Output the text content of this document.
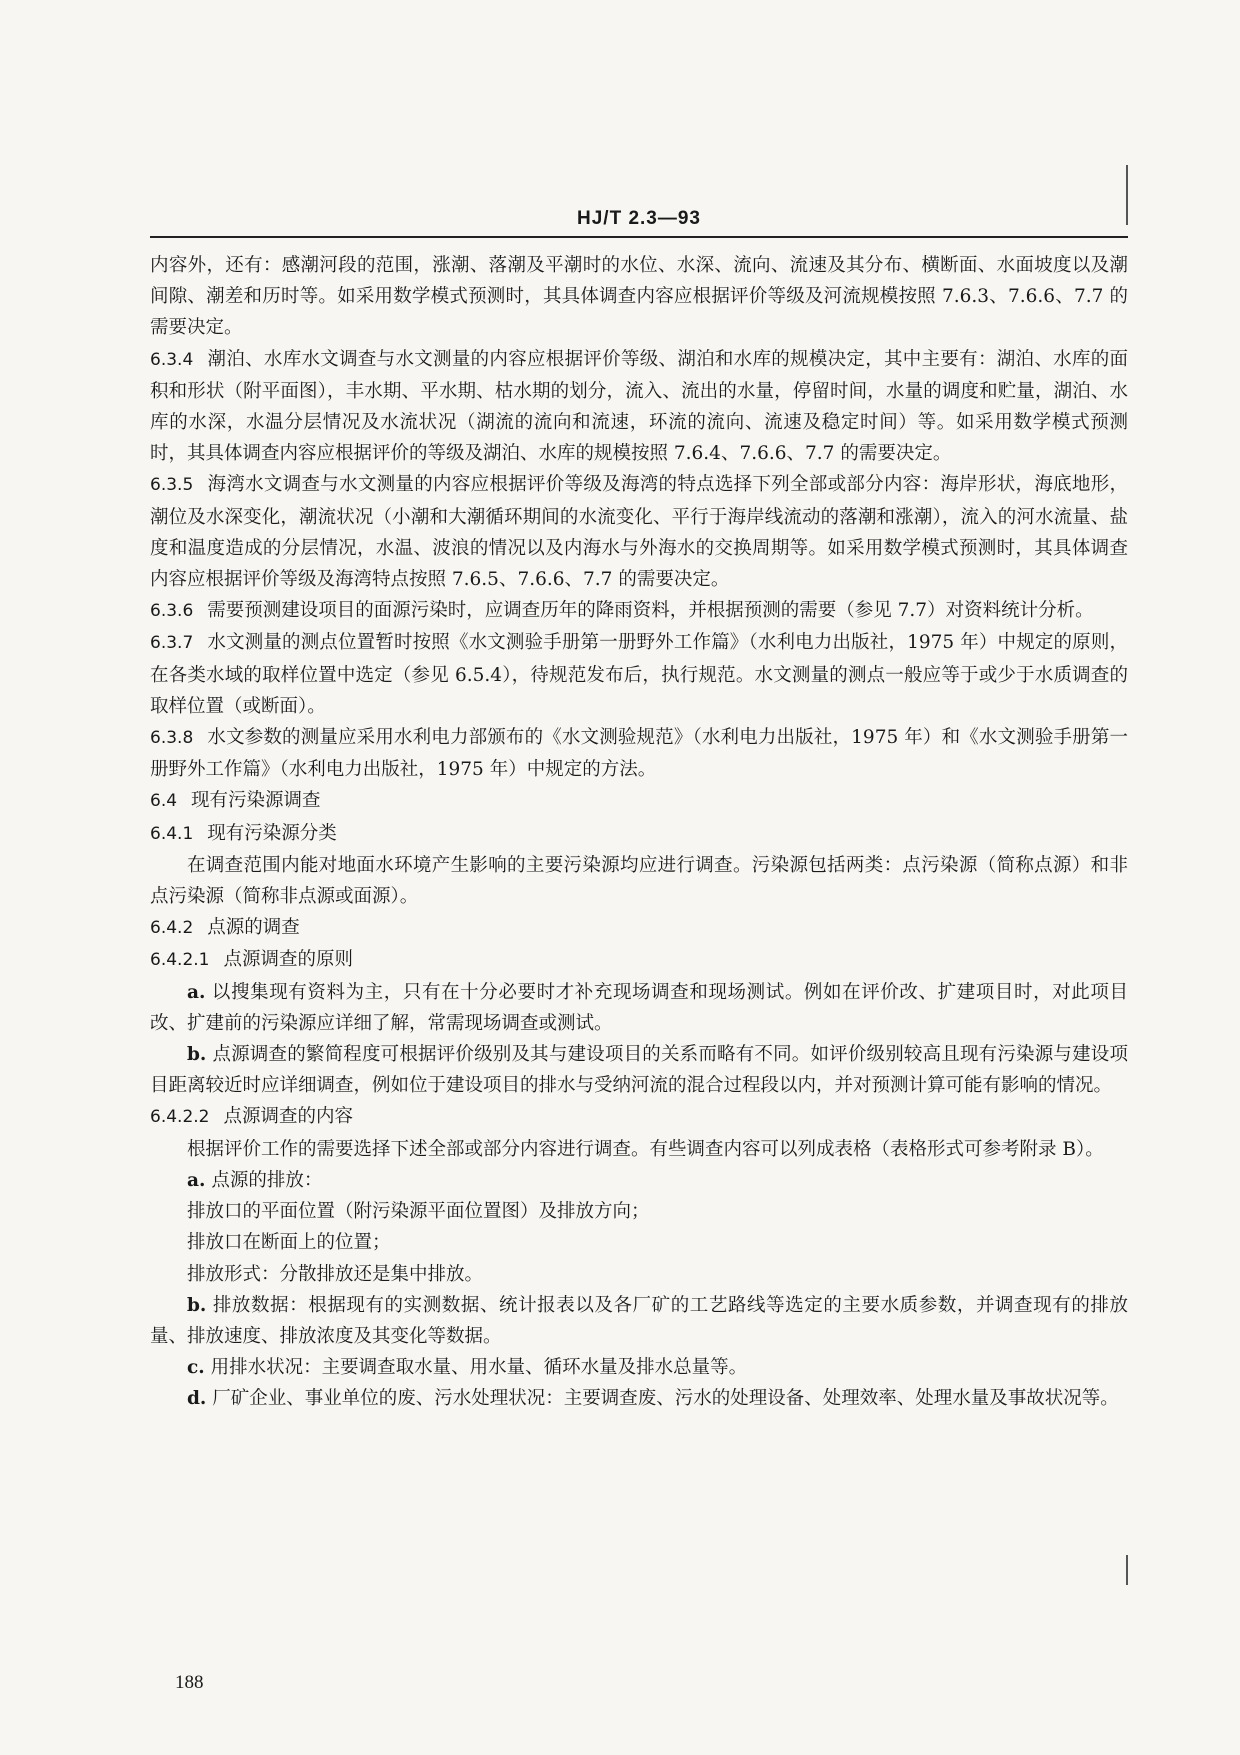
HJ/T 2.3—93

内容外，还有：感潮河段的范围，涨潮、落潮及平潮时的水位、水深、流向、流速及其分布、横断面、水面坡度以及潮间隙、潮差和历时等。如采用数学模式预测时，其具体调查内容应根据评价等级及河流规模按照 7.6.3、7.6.6、7.7 的需要决定。

6.3.4 潮泊、水库水文调查与水文测量的内容应根据评价等级、湖泊和水库的规模决定，其中主要有：湖泊、水库的面积和形状（附平面图），丰水期、平水期、枯水期的划分，流入、流出的水量，停留时间，水量的调度和贮量，湖泊、水库的水深，水温分层情况及水流状况（湖流的流向和流速，环流的流向、流速及稳定时间）等。如采用数学模式预测时，其具体调查内容应根据评价的等级及湖泊、水库的规模按照 7.6.4、7.6.6、7.7 的需要决定。

6.3.5 海湾水文调查与水文测量的内容应根据评价等级及海湾的特点选择下列全部或部分内容：海岸形状，海底地形，潮位及水深变化，潮流状况（小潮和大潮循环期间的水流变化、平行于海岸线流动的落潮和涨潮），流入的河水流量、盐度和温度造成的分层情况，水温、波浪的情况以及内海水与外海水的交换周期等。如采用数学模式预测时，其具体调查内容应根据评价等级及海湾特点按照 7.6.5、7.6.6、7.7 的需要决定。

6.3.6 需要预测建设项目的面源污染时，应调查历年的降雨资料，并根据预测的需要（参见 7.7）对资料统计分析。

6.3.7 水文测量的测点位置暂时按照《水文测验手册第一册野外工作篇》（水利电力出版社，1975 年）中规定的原则，在各类水域的取样位置中选定（参见 6.5.4），待规范发布后，执行规范。水文测量的测点一般应等于或少于水质调查的取样位置（或断面）。

6.3.8 水文参数的测量应采用水利电力部颁布的《水文测验规范》（水利电力出版社，1975 年）和《水文测验手册第一册野外工作篇》（水利电力出版社，1975 年）中规定的方法。

6.4 现有污染源调查

6.4.1 现有污染源分类

在调查范围内能对地面水环境产生影响的主要污染源均应进行调查。污染源包括两类：点污染源（简称点源）和非点污染源（简称非点源或面源）。

6.4.2 点源的调查

6.4.2.1 点源调查的原则

a. 以搜集现有资料为主，只有在十分必要时才补充现场调查和现场测试。例如在评价改、扩建项目时，对此项目改、扩建前的污染源应详细了解，常需现场调查或测试。

b. 点源调查的繁简程度可根据评价级别及其与建设项目的关系而略有不同。如评价级别较高且现有污染源与建设项目距离较近时应详细调查，例如位于建设项目的排水与受纳河流的混合过程段以内，并对预测计算可能有影响的情况。

6.4.2.2 点源调查的内容

根据评价工作的需要选择下述全部或部分内容进行调查。有些调查内容可以列成表格（表格形式可参考附录 B）。

a. 点源的排放：

排放口的平面位置（附污染源平面位置图）及排放方向；

排放口在断面上的位置；

排放形式：分散排放还是集中排放。

b. 排放数据：根据现有的实测数据、统计报表以及各厂矿的工艺路线等选定的主要水质参数，并调查现有的排放量、排放速度、排放浓度及其变化等数据。

c. 用排水状况：主要调查取水量、用水量、循环水量及排水总量等。

d. 厂矿企业、事业单位的废、污水处理状况：主要调查废、污水的处理设备、处理效率、处理水量及事故状况等。

188
